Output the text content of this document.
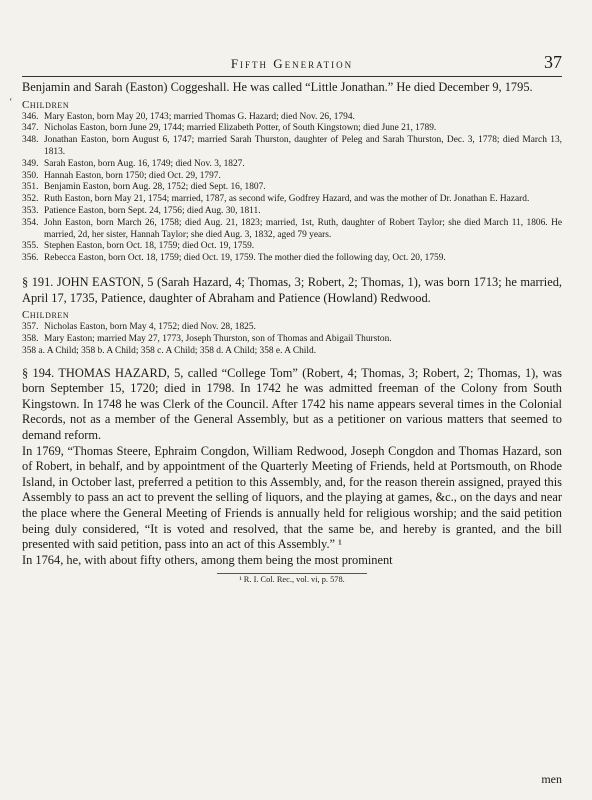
Fifth Generation	37
‘

Benjamin and Sarah (Easton) Coggeshall. He was called “Little Jonathan.” He died December 9, 1795.

Children
346. Mary Easton, born May 20, 1743; married Thomas G. Hazard; died Nov. 26, 1794.
347. Nicholas Easton, born June 29, 1744; married Elizabeth Potter, of South Kingstown; died June 21, 1789.
348. Jonathan Easton, born August 6, 1747; married Sarah Thurston, daughter of Peleg and Sarah Thurston, Dec. 3, 1778; died March 13, 1813.
349. Sarah Easton, born Aug. 16, 1749; died Nov. 3, 1827.
350. Hannah Easton, born 1750; died Oct. 29, 1797.
351. Benjamin Easton, born Aug. 28, 1752; died Sept. 16, 1807.
352. Ruth Easton, born May 21, 1754; married, 1787, as second wife, Godfrey Hazard, and was the mother of Dr. Jonathan E. Hazard.
353. Patience Easton, born Sept. 24, 1756; died Aug. 30, 1811.
354. John Easton, born March 26, 1758; died Aug. 21, 1823; married, 1st, Ruth, daughter of Robert Taylor; she died March 11, 1806. He married, 2d, her sister, Hannah Taylor; she died Aug. 3, 1832, aged 79 years.
355. Stephen Easton, born Oct. 18, 1759; died Oct. 19, 1759.
356. Rebecca Easton, born Oct. 18, 1759; died Oct. 19, 1759. The mother died the following day, Oct. 20, 1759.

§ 191. JOHN EASTON, 5 (Sarah Hazard, 4; Thomas, 3; Robert, 2; Thomas, 1), was born 1713; he married, April 17, 1735, Patience, daughter of Abraham and Patience (Howland) Redwood.

Children
357. Nicholas Easton, born May 4, 1752; died Nov. 28, 1825.
358. Mary Easton; married May 27, 1773, Joseph Thurston, son of Thomas and Abigail Thurston.

358 a. A Child; 358 b. A Child; 358 c. A Child; 358 d. A Child; 358 e. A Child.

§ 194. THOMAS HAZARD, 5, called “College Tom” (Robert, 4; Thomas, 3; Robert, 2; Thomas, 1), was born September 15, 1720; died in 1798. In 1742 he was admitted freeman of the Colony from South Kingstown. In 1748 he was Clerk of the Council. After 1742 his name appears several times in the Colonial Records, not as a member of the General Assembly, but as a petitioner on various matters that seemed to demand reform.

In 1769, “Thomas Steere, Ephraim Congdon, William Redwood, Joseph Congdon and Thomas Hazard, son of Robert, in behalf, and by appointment of the Quarterly Meeting of Friends, held at Portsmouth, on Rhode Island, in October last, preferred a petition to this Assembly, and, for the reason therein assigned, prayed this Assembly to pass an act to prevent the selling of liquors, and the playing at games, &c., on the days and near the place where the General Meeting of Friends is annually held for religious worship; and the said petition being duly considered, “It is voted and resolved, that the same be, and hereby is granted, and the bill presented with said petition, pass into an act of this Assembly.” ¹

In 1764, he, with about fifty others, among them being the most prominent

¹ R. I. Col. Rec., vol. vi, p. 578.
men
